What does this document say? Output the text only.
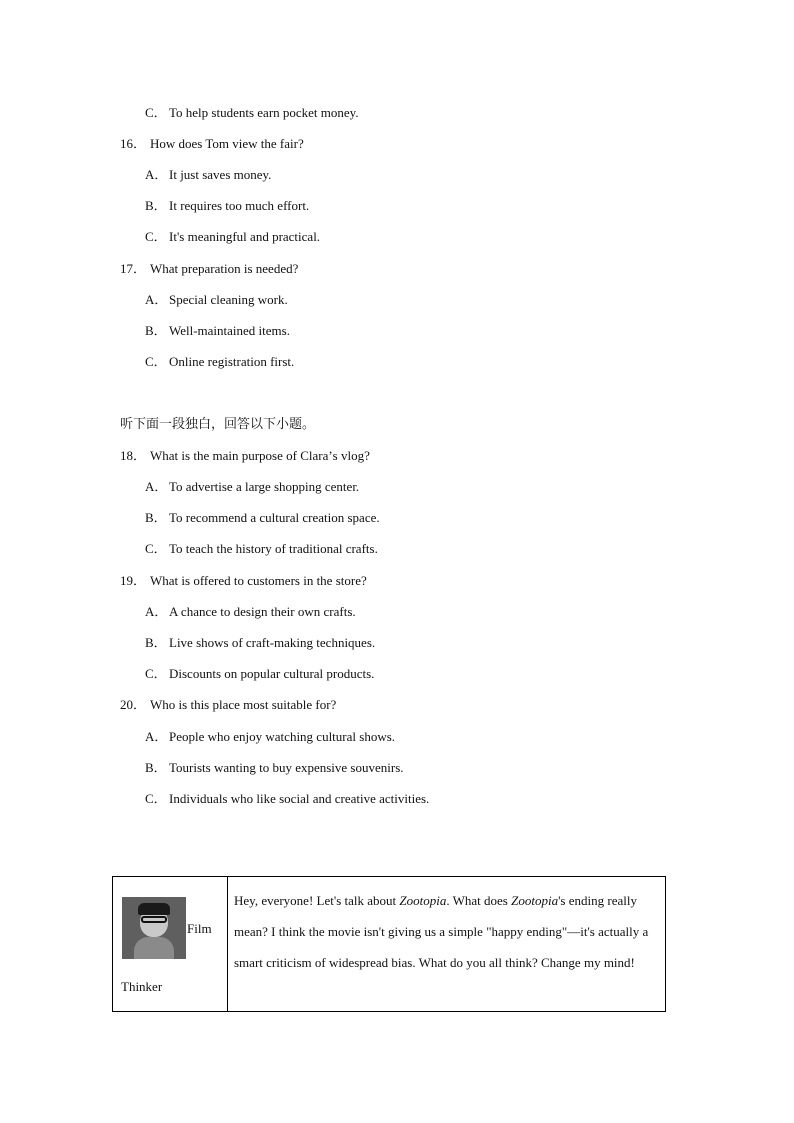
C． To help students earn pocket money.
16． How does Tom view the fair?
A． It just saves money.
B． It requires too much effort.
C． It's meaningful and practical.
17． What preparation is needed?
A． Special cleaning work.
B． Well-maintained items.
C． Online registration first.
听下面一段独白，回答以下小题。
18． What is the main purpose of Claraʼs vlog?
A． To advertise a large shopping center.
B． To recommend a cultural creation space.
C． To teach the history of traditional crafts.
19． What is offered to customers in the store?
A． A chance to design their own crafts.
B． Live shows of craft-making techniques.
C． Discounts on popular cultural products.
20． Who is this place most suitable for?
A． People who enjoy watching cultural shows.
B． Tourists wanting to buy expensive souvenirs.
C． Individuals who like social and creative activities.
Film
Thinker
Hey, everyone! Let's talk about Zootopia. What does Zootopia's ending really mean? I think the movie isn't giving us a simple "happy ending"—it's actually a smart criticism of widespread bias. What do you all think? Change my mind!
